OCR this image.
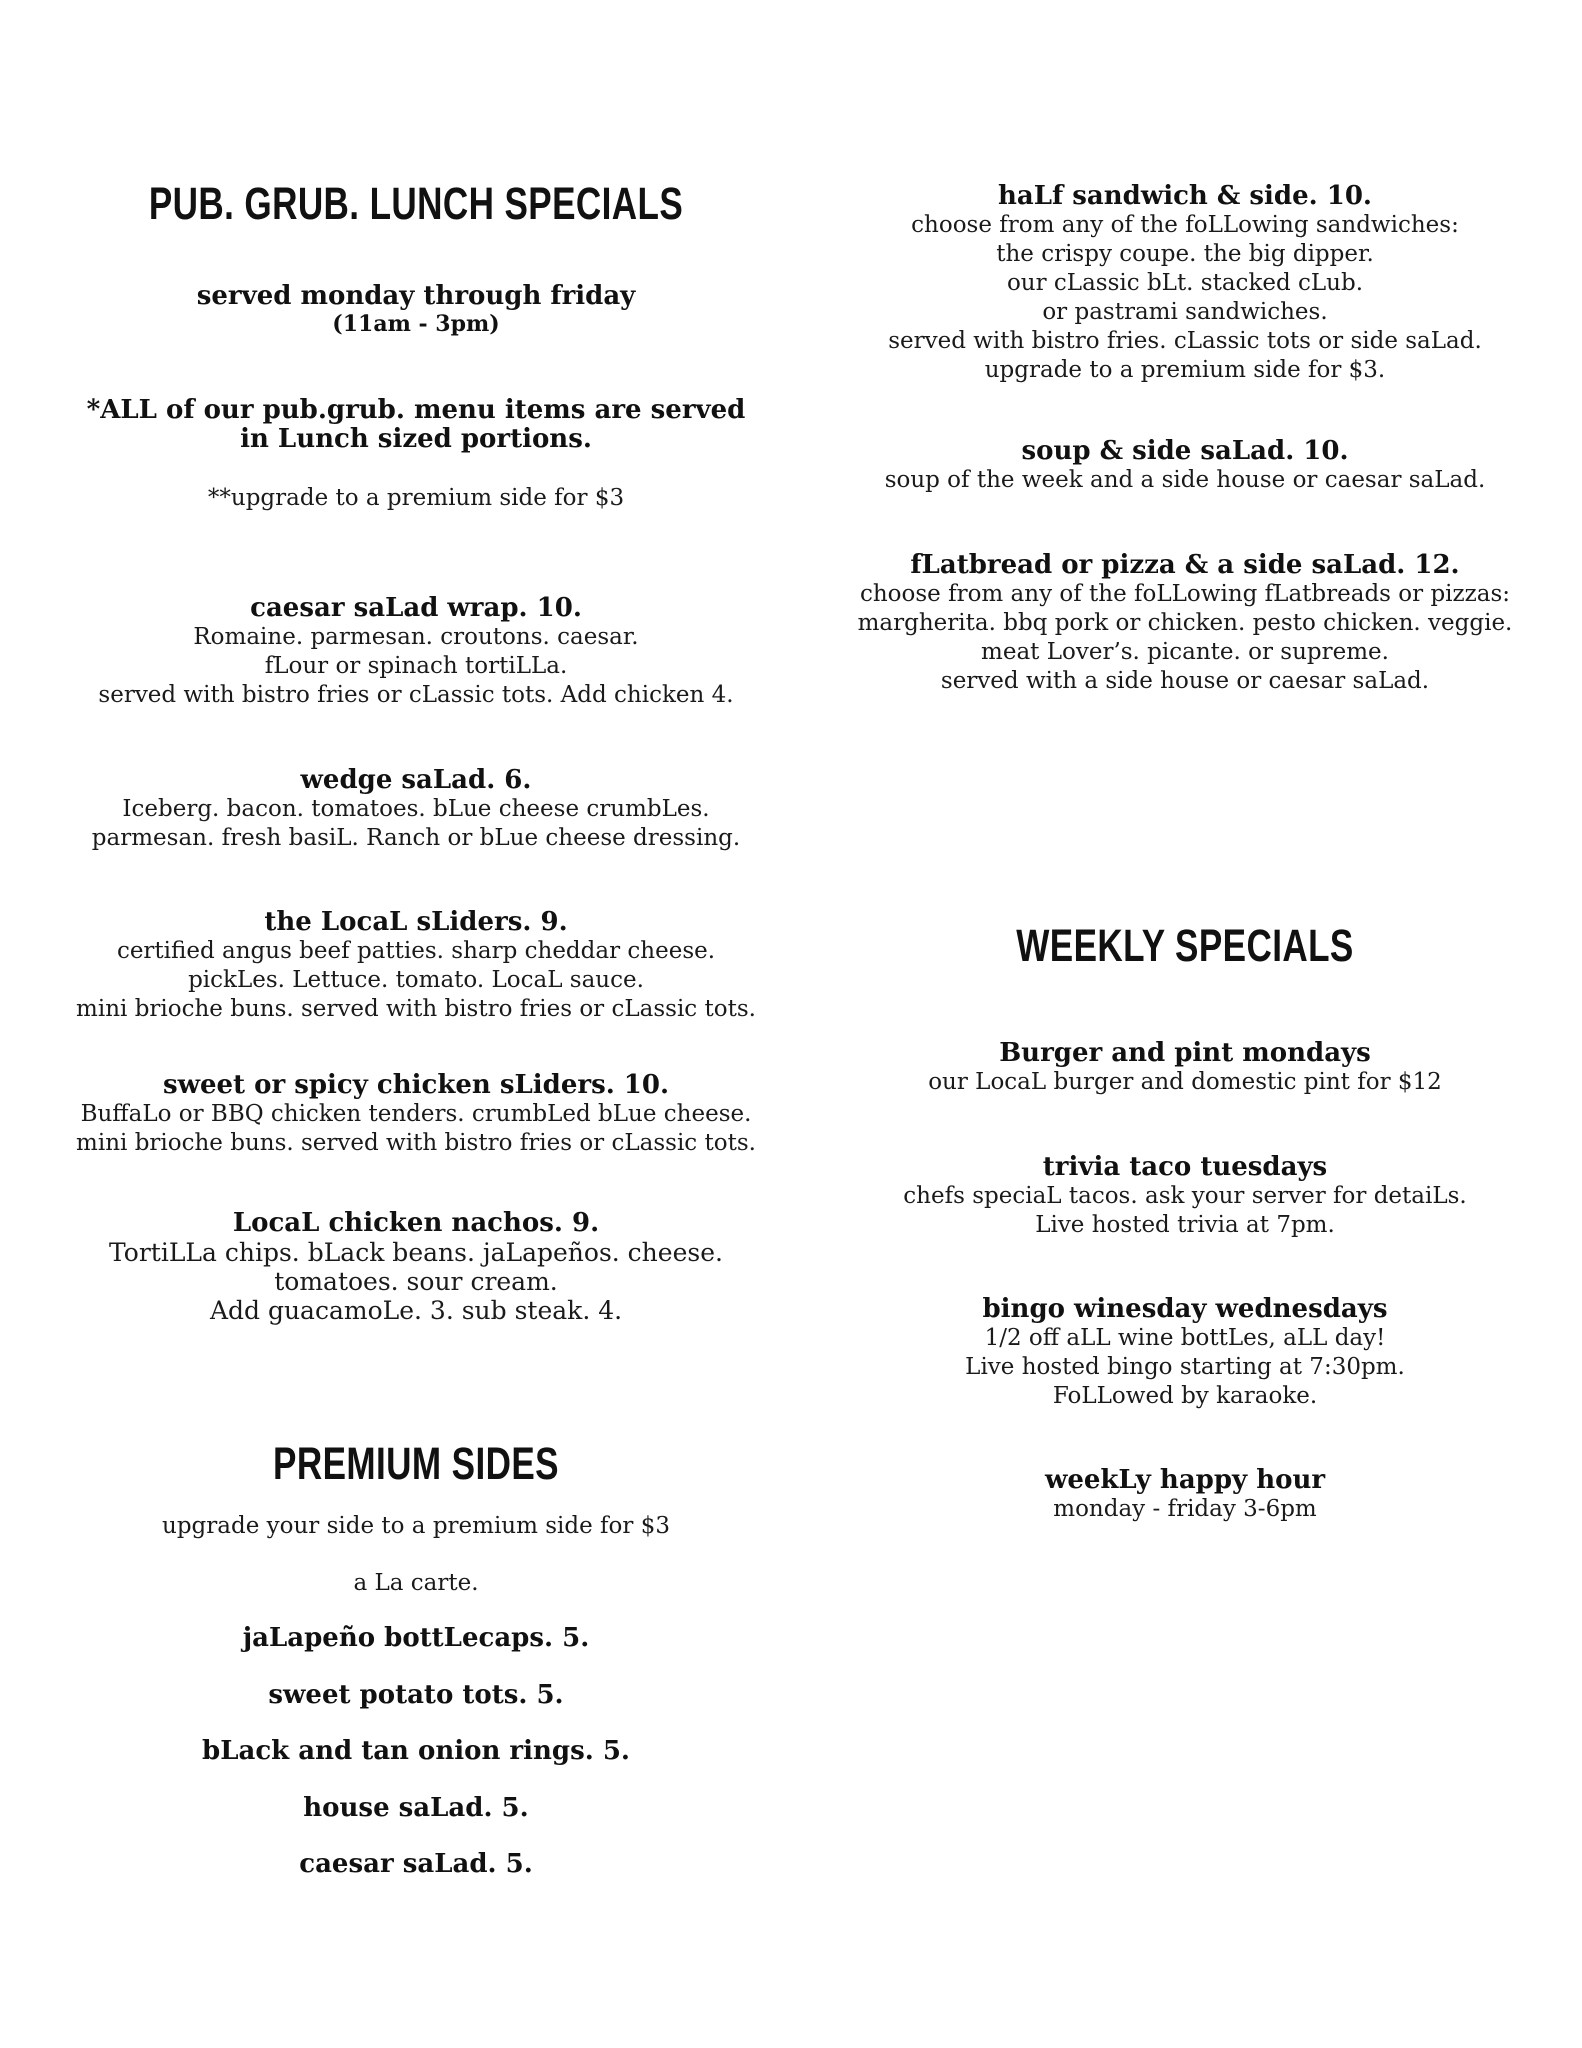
PUB. GRUB. LUNCH SPECIALS

served monday through friday

(11am - 3pm)

*ALL of our pub.grub. menu items are served

in Lunch sized portions.

**upgrade to a premium side for $3

caesar saLad wrap. 10.

Romaine. parmesan. croutons. caesar.

fLour or spinach tortiLLa.

served with bistro fries or cLassic tots. Add chicken 4.

wedge saLad. 6.

Iceberg. bacon. tomatoes. bLue cheese crumbLes.

parmesan. fresh basiL. Ranch or bLue cheese dressing.

the LocaL sLiders. 9.

certified angus beef patties. sharp cheddar cheese.

pickLes. Lettuce. tomato. LocaL sauce.

mini brioche buns. served with bistro fries or cLassic tots.

sweet or spicy chicken sLiders. 10.

BuffaLo or BBQ chicken tenders. crumbLed bLue cheese.

mini brioche buns. served with bistro fries or cLassic tots.

LocaL chicken nachos. 9.

TortiLLa chips. bLack beans. jaLapeños. cheese.

tomatoes. sour cream.

Add guacamoLe. 3. sub steak. 4.

PREMIUM SIDES

upgrade your side to a premium side for $3

a La carte.

jaLapeño bottLecaps. 5.

sweet potato tots. 5.

bLack and tan onion rings. 5.

house saLad. 5.

caesar saLad. 5.

haLf sandwich & side. 10.

choose from any of the foLLowing sandwiches:

the crispy coupe. the big dipper.

our cLassic bLt. stacked cLub.

or pastrami sandwiches.

served with bistro fries. cLassic tots or side saLad.

upgrade to a premium side for $3.

soup & side saLad. 10.

soup of the week and a side house or caesar saLad.

fLatbread or pizza & a side saLad. 12.

choose from any of the foLLowing fLatbreads or pizzas:

margherita. bbq pork or chicken. pesto chicken. veggie.

meat Lover’s. picante. or supreme.

served with a side house or caesar saLad.

WEEKLY SPECIALS

Burger and pint mondays

our LocaL burger and domestic pint for $12

trivia taco tuesdays

chefs speciaL tacos. ask your server for detaiLs.

Live hosted trivia at 7pm.

bingo winesday wednesdays

1/2 off aLL wine bottLes, aLL day!

Live hosted bingo starting at 7:30pm.

FoLLowed by karaoke.

weekLy happy hour

monday - friday 3-6pm
